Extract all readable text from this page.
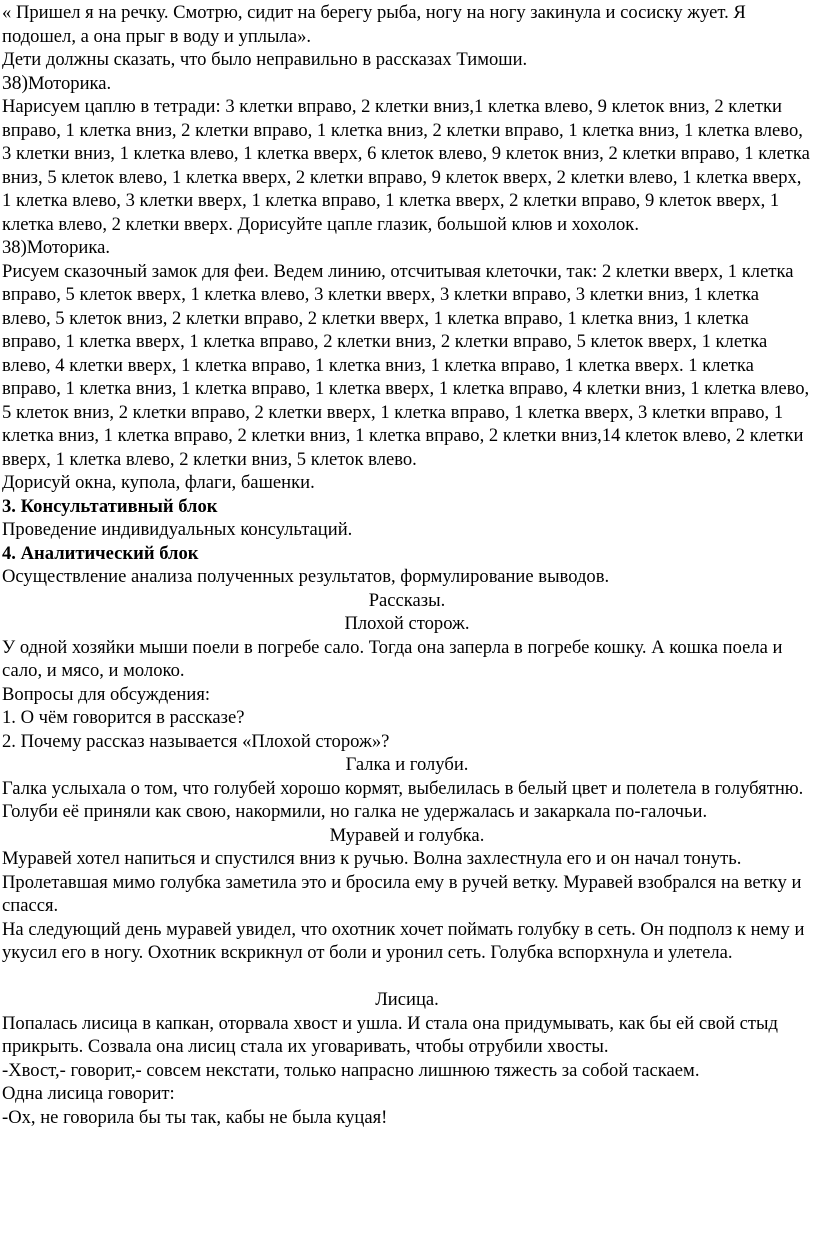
« Пришел я на речку. Смотрю, сидит на берегу рыба, ногу на ногу закинула и сосиску жует. Я подошел, а она прыг в воду и уплыла».

Дети должны сказать, что было неправильно в рассказах Тимоши.

38)Моторика.

Нарисуем цаплю в тетради: 3 клетки вправо, 2 клетки вниз,1 клетка влево, 9 клеток вниз, 2 клетки вправо, 1 клетка вниз, 2 клетки вправо, 1 клетка вниз, 2 клетки вправо, 1 клетка вниз, 1 клетка влево, 3 клетки вниз, 1 клетка влево, 1 клетка вверх, 6 клеток влево, 9 клеток вниз, 2 клетки вправо, 1 клетка вниз, 5 клеток влево, 1 клетка вверх, 2 клетки вправо, 9 клеток вверх, 2 клетки влево, 1 клетка вверх, 1 клетка влево, 3 клетки вверх, 1 клетка вправо, 1 клетка вверх, 2 клетки вправо, 9 клеток вверх, 1 клетка влево, 2 клетки вверх. Дорисуйте цапле глазик, большой клюв и хохолок.

38)Моторика.

Рисуем сказочный замок для феи. Ведем линию, отсчитывая клеточки, так: 2 клетки вверх, 1 клетка вправо, 5 клеток вверх, 1 клетка влево, 3 клетки вверх, 3 клетки вправо, 3 клетки вниз, 1 клетка влево, 5 клеток вниз, 2 клетки вправо, 2 клетки вверх, 1 клетка вправо, 1 клетка вниз, 1 клетка вправо, 1 клетка вверх, 1 клетка вправо, 2 клетки вниз, 2 клетки вправо, 5 клеток вверх, 1 клетка влево, 4 клетки вверх, 1 клетка вправо, 1 клетка вниз, 1 клетка вправо, 1 клетка вверх. 1 клетка вправо, 1 клетка вниз, 1 клетка вправо, 1 клетка вверх, 1 клетка вправо, 4 клетки вниз, 1 клетка влево, 5 клеток вниз, 2 клетки вправо, 2 клетки вверх, 1 клетка вправо, 1 клетка вверх, 3 клетки вправо, 1 клетка вниз, 1 клетка вправо, 2 клетки вниз, 1 клетка вправо, 2 клетки вниз,14 клеток влево, 2 клетки вверх, 1 клетка влево, 2 клетки вниз, 5 клеток влево.

Дорисуй окна, купола, флаги, башенки.

3. Консультативный блок

Проведение индивидуальных консультаций.

4. Аналитический блок

Осуществление анализа полученных результатов, формулирование выводов.

Рассказы.

Плохой сторож.

У одной хозяйки мыши поели в погребе сало. Тогда она заперла в погребе кошку. А кошка поела и сало, и мясо, и молоко.

Вопросы для обсуждения:

1. О чём говорится в рассказе?

2. Почему рассказ называется «Плохой сторож»?

Галка и голуби.

Галка услыхала о том, что голубей хорошо кормят, выбелилась в белый цвет и полетела в голубятню. Голуби её приняли как свою, накормили, но галка не удержалась и закаркала по-галочьи.

Муравей и голубка.

Муравей хотел напиться и спустился вниз к ручью. Волна захлестнула его и он начал тонуть. Пролетавшая мимо голубка заметила это и бросила ему в ручей ветку. Муравей взобрался на ветку и спасся.

На следующий день муравей увидел, что охотник хочет поймать голубку в сеть. Он подполз к нему и укусил его в ногу. Охотник вскрикнул от боли и уронил сеть. Голубка вспорхнула и улетела.

Лисица.

Попалась лисица в капкан, оторвала хвост и ушла. И стала она придумывать, как бы ей свой стыд прикрыть. Созвала она лисиц стала их уговаривать, чтобы отрубили хвосты.

-Хвост,- говорит,- совсем некстати, только напрасно лишнюю тяжесть за собой таскаем.

Одна лисица говорит:

-Ох, не говорила бы ты так, кабы не была куцая!
